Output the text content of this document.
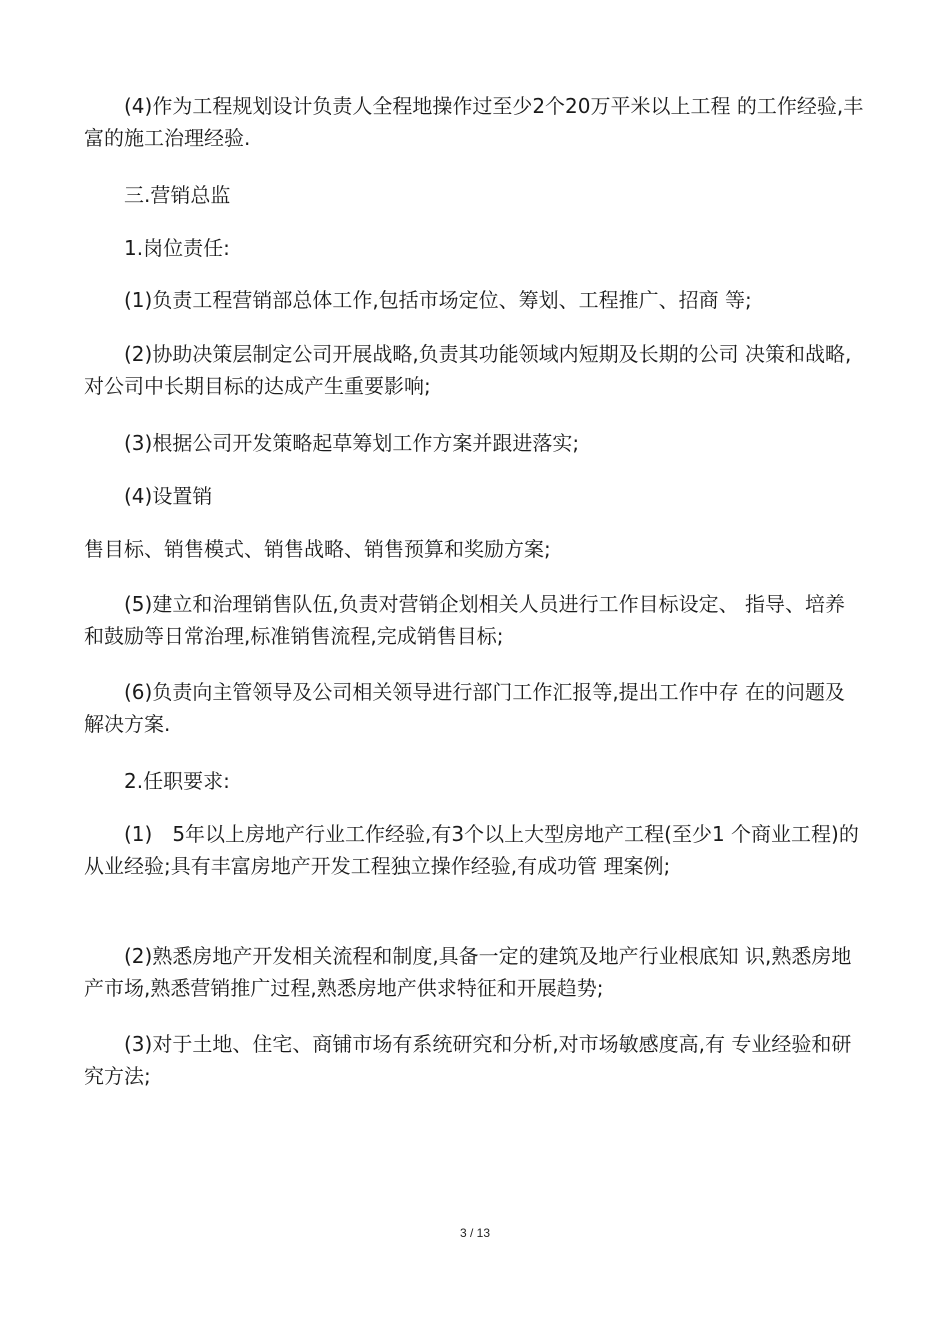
　　(4)作为工程规划设计负责人全程地操作过至少2个20万平米以上工程 的工作经验,丰富的施工治理经验.

　　三.营销总监

　　1.岗位责任:

　　(1)负责工程营销部总体工作,包括市场定位、筹划、工程推广、招商 等;

　　(2)协助决策层制定公司开展战略,负责其功能领域内短期及长期的公司 决策和战略,对公司中长期目标的达成产生重要影响;

　　(3)根据公司开发策略起草筹划工作方案并跟进落实;

　　(4)设置销

售目标、销售模式、销售战略、销售预算和奖励方案;

　　(5)建立和治理销售队伍,负责对营销企划相关人员进行工作目标设定、 指导、培养和鼓励等日常治理,标准销售流程,完成销售目标;

　　(6)负责向主管领导及公司相关领导进行部门工作汇报等,提出工作中存 在的问题及解决方案.

　　2.任职要求:

　　(1)　5年以上房地产行业工作经验,有3个以上大型房地产工程(至少1 个商业工程)的从业经验;具有丰富房地产开发工程独立操作经验,有成功管 理案例;

　　(2)熟悉房地产开发相关流程和制度,具备一定的建筑及地产行业根底知 识,熟悉房地产市场,熟悉营销推广过程,熟悉房地产供求特征和开展趋势;

　　(3)对于土地、住宅、商铺市场有系统研究和分析,对市场敏感度高,有 专业经验和研究方法;

3 / 13
